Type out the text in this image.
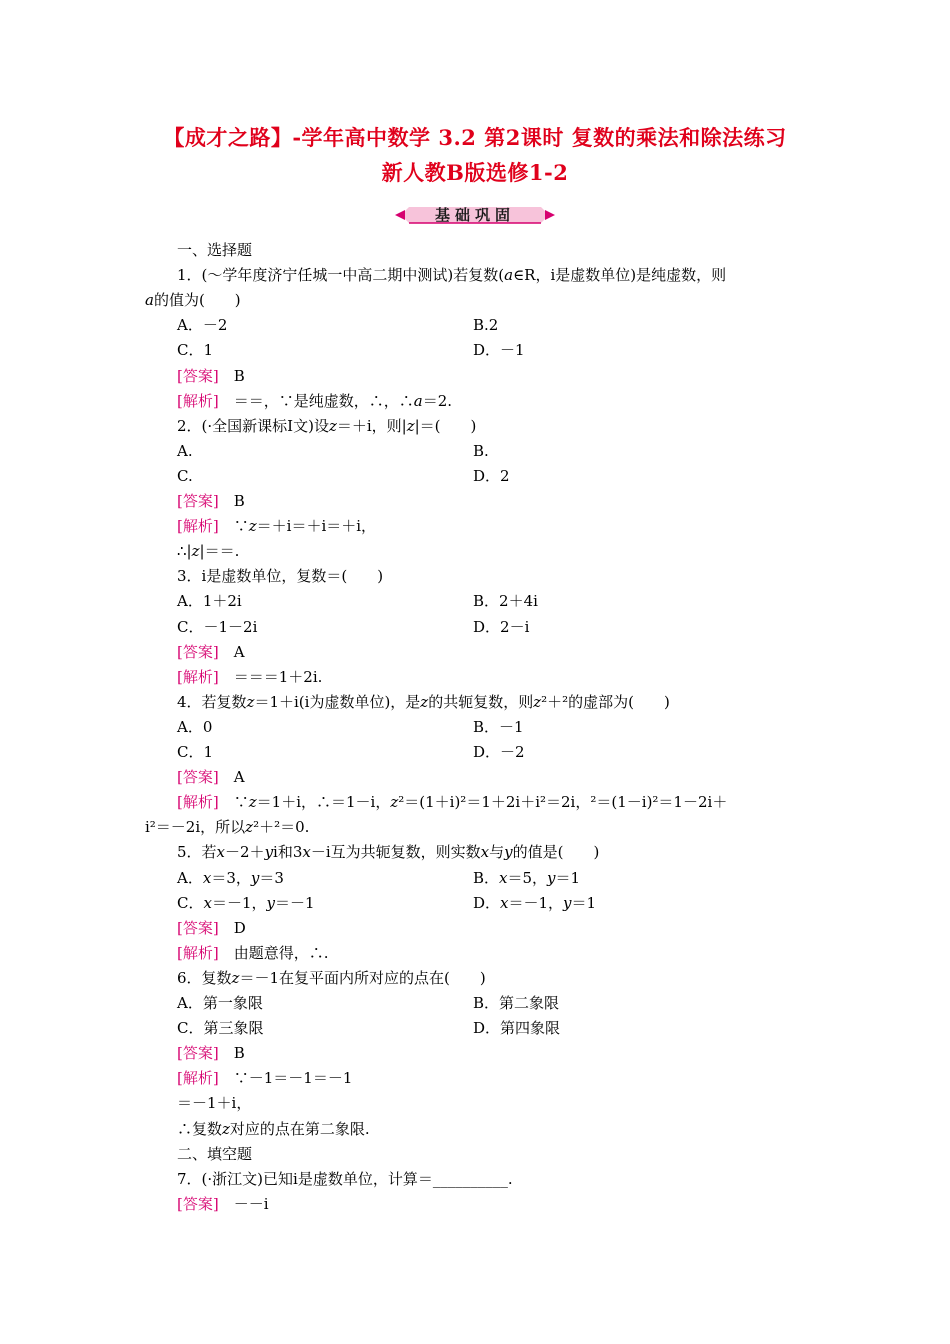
【成才之路】-学年高中数学 3.2 第2课时 复数的乘法和除法练习
新人教B版选修1-2
基础巩固
一、选择题
1．(～学年度济宁任城一中高二期中测试)若复数(a∈R，i是虚数单位)是纯虚数，则
a的值为(　　)
A．－2	B.2
C．1	D．－1
[答案]　 B
[解析]　 ＝＝，∵是纯虚数，∴，∴a＝2.
2．(·全国新课标Ⅰ文)设z＝＋i，则|z|＝(　　)
A.	B.
C.	D．2
[答案]　 B
[解析]　 ∵z＝＋i＝＋i＝＋i，
∴|z|＝＝.
3．i是虚数单位，复数＝(　　)
A．1＋2i	B．2＋4i
C．－1－2i	D．2－i
[答案]　 A
[解析]　 ＝＝＝1＋2i.
4．若复数z＝1＋i(i为虚数单位)，是z的共轭复数，则z²＋²的虚部为(　　)
A．0	B．－1
C．1	D．－2
[答案]　 A
[解析]　 ∵z＝1＋i，∴＝1－i，z²＝(1＋i)²＝1＋2i＋i²＝2i，²＝(1－i)²＝1－2i＋
i²＝－2i，所以z²＋²＝0.
5．若x－2＋yi和3x－i互为共轭复数，则实数x与y的值是(　　)
A．x＝3，y＝3	B．x＝5，y＝1
C．x＝－1，y＝－1	D．x＝－1，y＝1
[答案]　 D
[解析]　 由题意得，∴.
6．复数z＝－1在复平面内所对应的点在(　　)
A．第一象限	B．第二象限
C．第三象限	D．第四象限
[答案]　 B
[解析]　 ∵－1＝－1＝－1
＝－1＋i，
∴复数z对应的点在第二象限.
二、填空题
7．(·浙江文)已知i是虚数单位，计算＝__________.
[答案]　 －－i
